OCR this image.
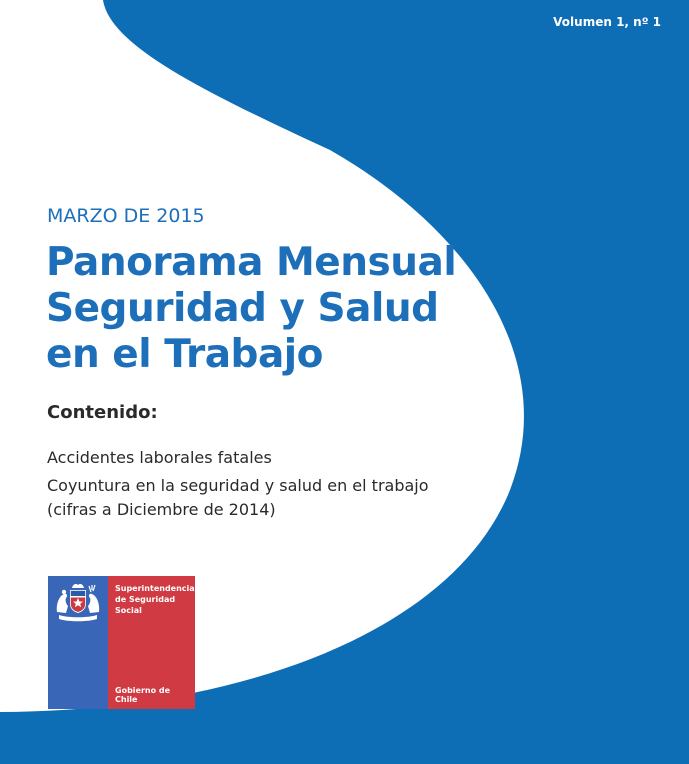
Volumen 1, nº 1
MARZO DE 2015
Panorama Mensual
Seguridad y Salud
en el Trabajo
Contenido:
Accidentes laborales fatales
Coyuntura en la seguridad y salud en el trabajo
(cifras a Diciembre de 2014)
Superintendencia
de Seguridad
Social
Gobierno de Chile
